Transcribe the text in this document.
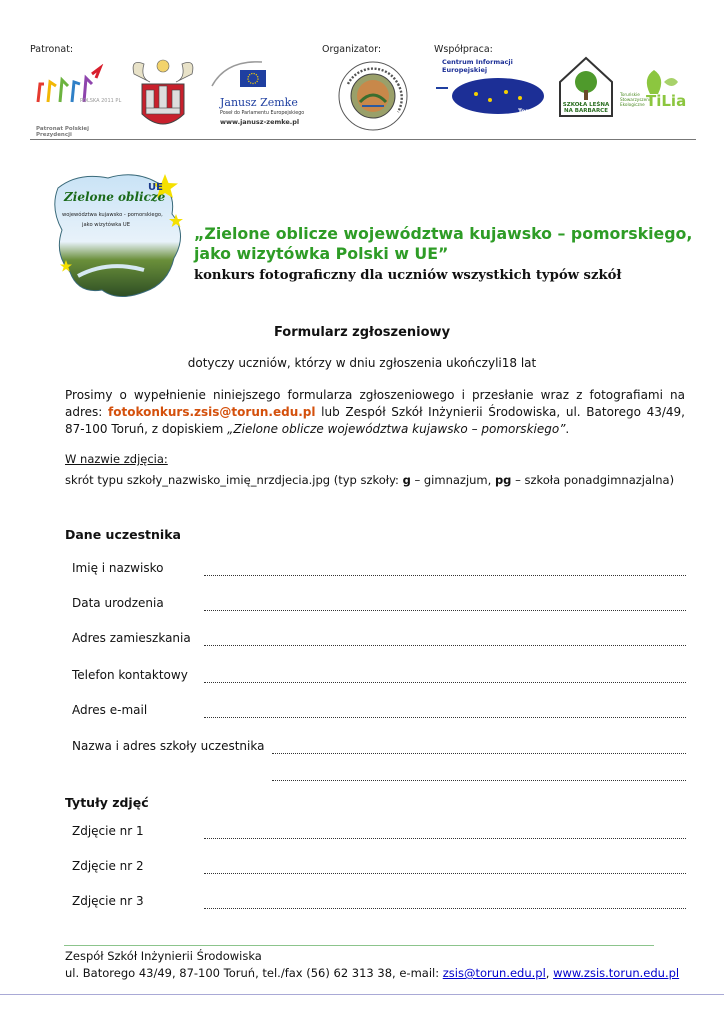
Patronat:	Organizator:	Współpraca:
POLSKA 2011 PL
Patronat Polskiej Prezydencji
Janusz Zemke
Poseł do Parlamentu Europejskiego
www.janusz-zemke.pl
Centrum Informacji Europejskiej
Toruń
SZKOŁA LEŚNA NA BARBARCE
Toruńskie Stowarzyszenie Ekologiczne TiLia
Zielone oblicze
UE
województwa kujawsko - pomorskiego,
jako wizytówka UE	„Zielone oblicze województwa kujawsko – pomorskiego,
jako wizytówka Polski w UE”
konkurs fotograficzny dla uczniów wszystkich typów szkół
Formularz zgłoszeniowy
dotyczy uczniów, którzy w dniu zgłoszenia ukończyli18 lat
Prosimy o wypełnienie niniejszego formularza zgłoszeniowego i przesłanie wraz z fotografiami na adres: fotokonkurs.zsis@torun.edu.pl lub Zespół Szkół Inżynierii Środowiska, ul. Batorego 43/49, 87-100 Toruń, z dopiskiem „Zielone oblicze województwa kujawsko – pomorskiego”.
W nazwie zdjęcia:
skrót typu szkoły_nazwisko_imię_nrzdjecia.jpg (typ szkoły: g – gimnazjum, pg – szkoła ponadgimnazjalna)
Dane uczestnika
Imię i nazwisko
Data urodzenia
Adres zamieszkania
Telefon kontaktowy
Adres e-mail
Nazwa i adres szkoły uczestnika
Tytuły zdjęć
Zdjęcie nr 1
Zdjęcie nr 2
Zdjęcie nr 3
Zespół Szkół Inżynierii Środowiska
ul. Batorego 43/49, 87-100 Toruń, tel./fax (56) 62 313 38, e-mail: zsis@torun.edu.pl, www.zsis.torun.edu.pl
